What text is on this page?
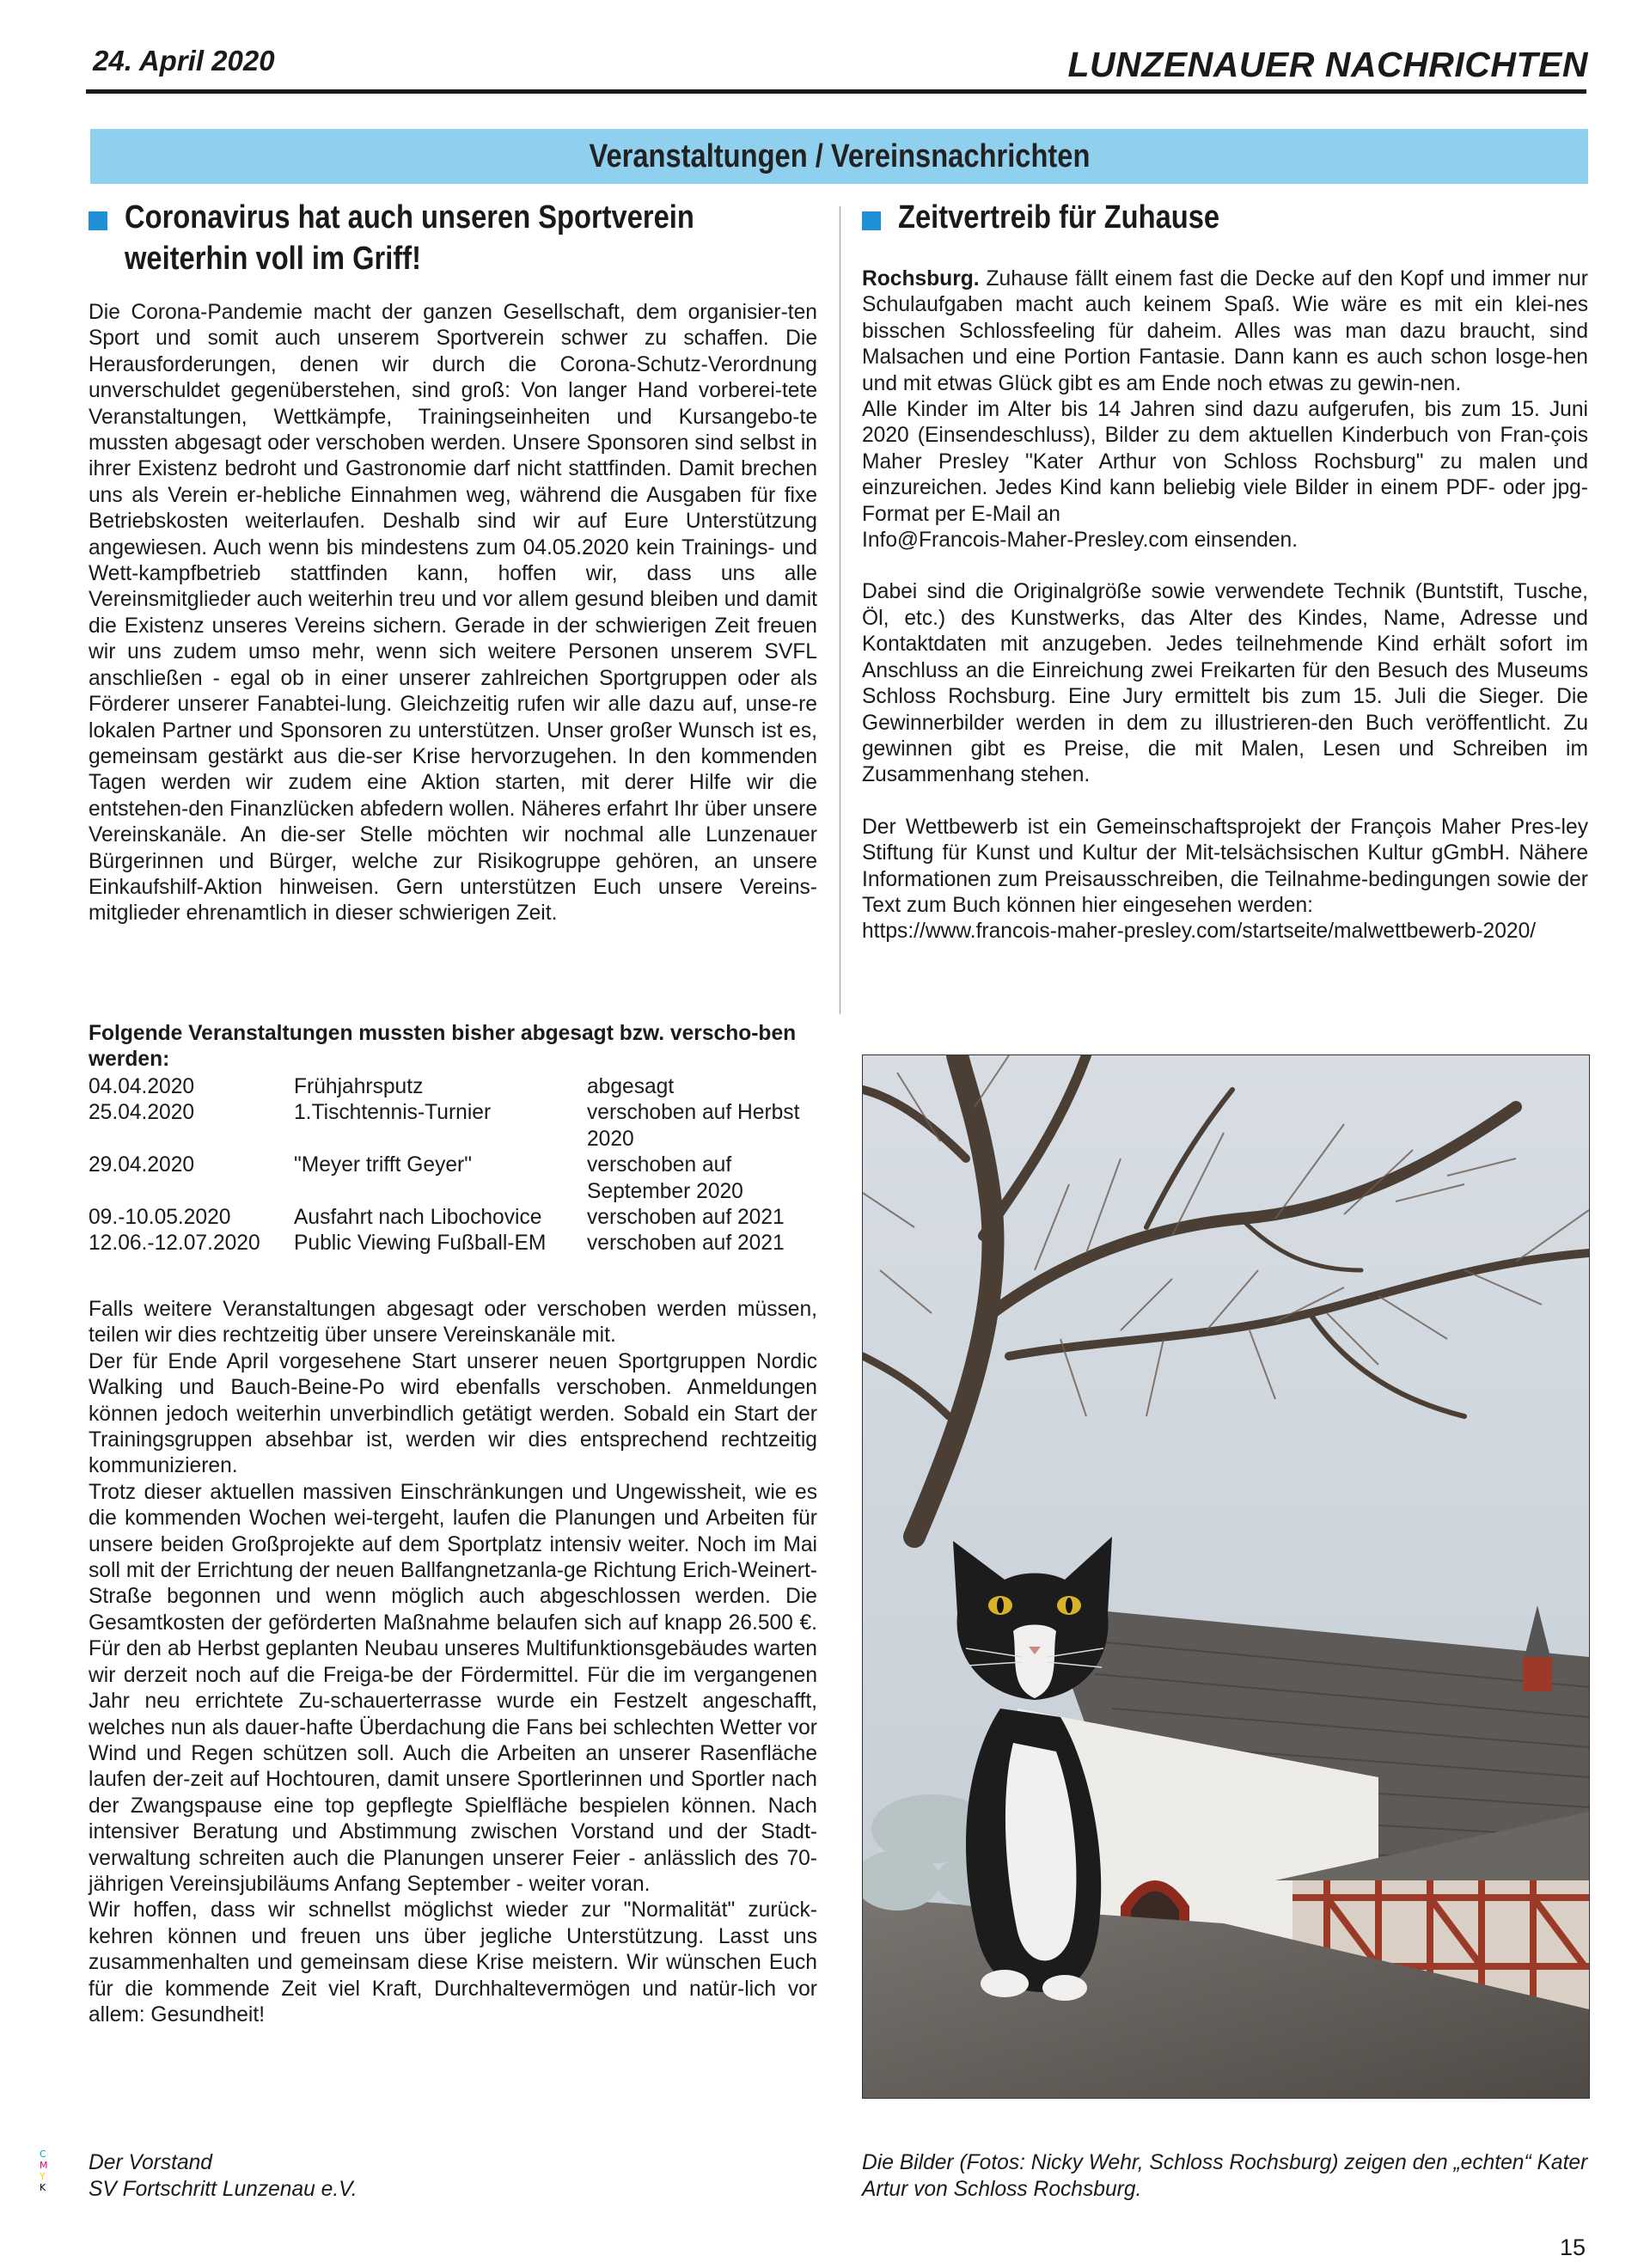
24. April 2020	LUNZENAUER NACHRICHTEN
Veranstaltungen / Vereinsnachrichten
Coronavirus hat auch unseren Sportverein
weiterhin voll im Griff!

Die Corona-Pandemie macht der ganzen Gesellschaft, dem organisier-ten Sport und somit auch unserem Sportverein schwer zu schaffen. Die Herausforderungen, denen wir durch die Corona-Schutz-Verordnung unverschuldet gegenüberstehen, sind groß: Von langer Hand vorberei-tete Veranstaltungen, Wettkämpfe, Trainingseinheiten und Kursangebo-te mussten abgesagt oder verschoben werden. Unsere Sponsoren sind selbst in ihrer Existenz bedroht und Gastronomie darf nicht stattfinden. Damit brechen uns als Verein er-hebliche Einnahmen weg, während die Ausgaben für fixe Betriebskosten weiterlaufen. Deshalb sind wir auf Eure Unterstützung angewiesen. Auch wenn bis mindestens zum 04.05.2020 kein Trainings- und Wett-kampfbetrieb stattfinden kann, hoffen wir, dass uns alle Vereinsmitglieder auch weiterhin treu und vor allem gesund bleiben und damit die Existenz unseres Vereins sichern. Gerade in der schwierigen Zeit freuen wir uns zudem umso mehr, wenn sich weitere Personen unserem SVFL anschließen - egal ob in einer unserer zahlreichen Sportgruppen oder als Förderer unserer Fanabtei-lung. Gleichzeitig rufen wir alle dazu auf, unse-re lokalen Partner und Sponsoren zu unterstützen. Unser großer Wunsch ist es, gemeinsam gestärkt aus die-ser Krise hervorzugehen. In den kommenden Tagen werden wir zudem eine Aktion starten, mit derer Hilfe wir die entstehen-den Finanzlücken abfedern wollen. Näheres erfahrt Ihr über unsere Vereinskanäle. An die-ser Stelle möchten wir nochmal alle Lunzenauer Bürgerinnen und Bürger, welche zur Risikogruppe gehören, an unsere Einkaufshilf-Aktion hinweisen. Gern unterstützen Euch unsere Vereins-mitglieder ehrenamtlich in dieser schwierigen Zeit.

Folgende Veranstaltungen mussten bisher abgesagt bzw. verscho-ben werden:
04.04.2020	Frühjahrsputz	abgesagt
25.04.2020	1.Tischtennis-Turnier	verschoben auf Herbst 2020
29.04.2020	"Meyer trifft Geyer"	verschoben auf September 2020
09.-10.05.2020	Ausfahrt nach Libochovice	verschoben auf 2021
12.06.-12.07.2020	Public Viewing Fußball-EM	verschoben auf 2021

Falls weitere Veranstaltungen abgesagt oder verschoben werden müssen, teilen wir dies rechtzeitig über unsere Vereinskanäle mit.

Der für Ende April vorgesehene Start unserer neuen Sportgruppen Nordic Walking und Bauch-Beine-Po wird ebenfalls verschoben. Anmeldungen können jedoch weiterhin unverbindlich getätigt werden. Sobald ein Start der Trainingsgruppen absehbar ist, werden wir dies entsprechend rechtzeitig kommunizieren.

Trotz dieser aktuellen massiven Einschränkungen und Ungewissheit, wie es die kommenden Wochen wei-tergeht, laufen die Planungen und Arbeiten für unsere beiden Großprojekte auf dem Sportplatz intensiv weiter. Noch im Mai soll mit der Errichtung der neuen Ballfangnetzanla-ge Richtung Erich-Weinert-Straße begonnen und wenn möglich auch abgeschlossen werden. Die Gesamtkosten der geförderten Maßnahme belaufen sich auf knapp 26.500 €. Für den ab Herbst geplanten Neubau unseres Multifunktionsgebäudes warten wir derzeit noch auf die Freiga-be der Fördermittel. Für die im vergangenen Jahr neu errichtete Zu-schauerterrasse wurde ein Festzelt angeschafft, welches nun als dauer-hafte Überdachung die Fans bei schlechten Wetter vor Wind und Regen schützen soll. Auch die Arbeiten an unserer Rasenfläche laufen der-zeit auf Hochtouren, damit unsere Sportlerinnen und Sportler nach der Zwangspause eine top gepflegte Spielfläche bespielen können. Nach intensiver Beratung und Abstimmung zwischen Vorstand und der Stadt-verwaltung schreiten auch die Planungen unserer Feier - anlässlich des 70-jährigen Vereinsjubiläums Anfang September - weiter voran.

Wir hoffen, dass wir schnellst möglichst wieder zur "Normalität" zurück-kehren können und freuen uns über jegliche Unterstützung. Lasst uns zusammenhalten und gemeinsam diese Krise meistern. Wir wünschen Euch für die kommende Zeit viel Kraft, Durchhaltevermögen und natür-lich vor allem: Gesundheit!

Der Vorstand
SV Fortschritt Lunzenau e.V.
Zeitvertreib für Zuhause

Rochsburg. Zuhause fällt einem fast die Decke auf den Kopf und immer nur Schulaufgaben macht auch keinem Spaß. Wie wäre es mit ein klei-nes bisschen Schlossfeeling für daheim. Alles was man dazu braucht, sind Malsachen und eine Portion Fantasie. Dann kann es auch schon losge-hen und mit etwas Glück gibt es am Ende noch etwas zu gewin-nen.

Alle Kinder im Alter bis 14 Jahren sind dazu aufgerufen, bis zum 15. Juni 2020 (Einsendeschluss), Bilder zu dem aktuellen Kinderbuch von Fran-çois Maher Presley "Kater Arthur von Schloss Rochsburg" zu malen und einzureichen. Jedes Kind kann beliebig viele Bilder in einem PDF- oder jpg-Format per E-Mail an

Info@Francois-Maher-Presley.com einsenden.

Dabei sind die Originalgröße sowie verwendete Technik (Buntstift, Tusche, Öl, etc.) des Kunstwerks, das Alter des Kindes, Name, Adresse und Kontaktdaten mit anzugeben. Jedes teilnehmende Kind erhält sofort im Anschluss an die Einreichung zwei Freikarten für den Besuch des Museums Schloss Rochsburg. Eine Jury ermittelt bis zum 15. Juli die Sieger. Die Gewinnerbilder werden in dem zu illustrieren-den Buch veröffentlicht. Zu gewinnen gibt es Preise, die mit Malen, Lesen und Schreiben im Zusammenhang stehen.

Der Wettbewerb ist ein Gemeinschaftsprojekt der François Maher Pres-ley Stiftung für Kunst und Kultur der Mit-telsächsischen Kultur gGmbH. Nähere Informationen zum Preisausschreiben, die Teilnahme-bedingungen sowie der Text zum Buch können hier eingesehen werden:

https://www.francois-maher-presley.com/startseite/malwettbewerb-2020/

Die Bilder (Fotos: Nicky Wehr, Schloss Rochsburg) zeigen den „echten“ Kater Artur von Schloss Rochsburg.
C
M
Y
K
15
